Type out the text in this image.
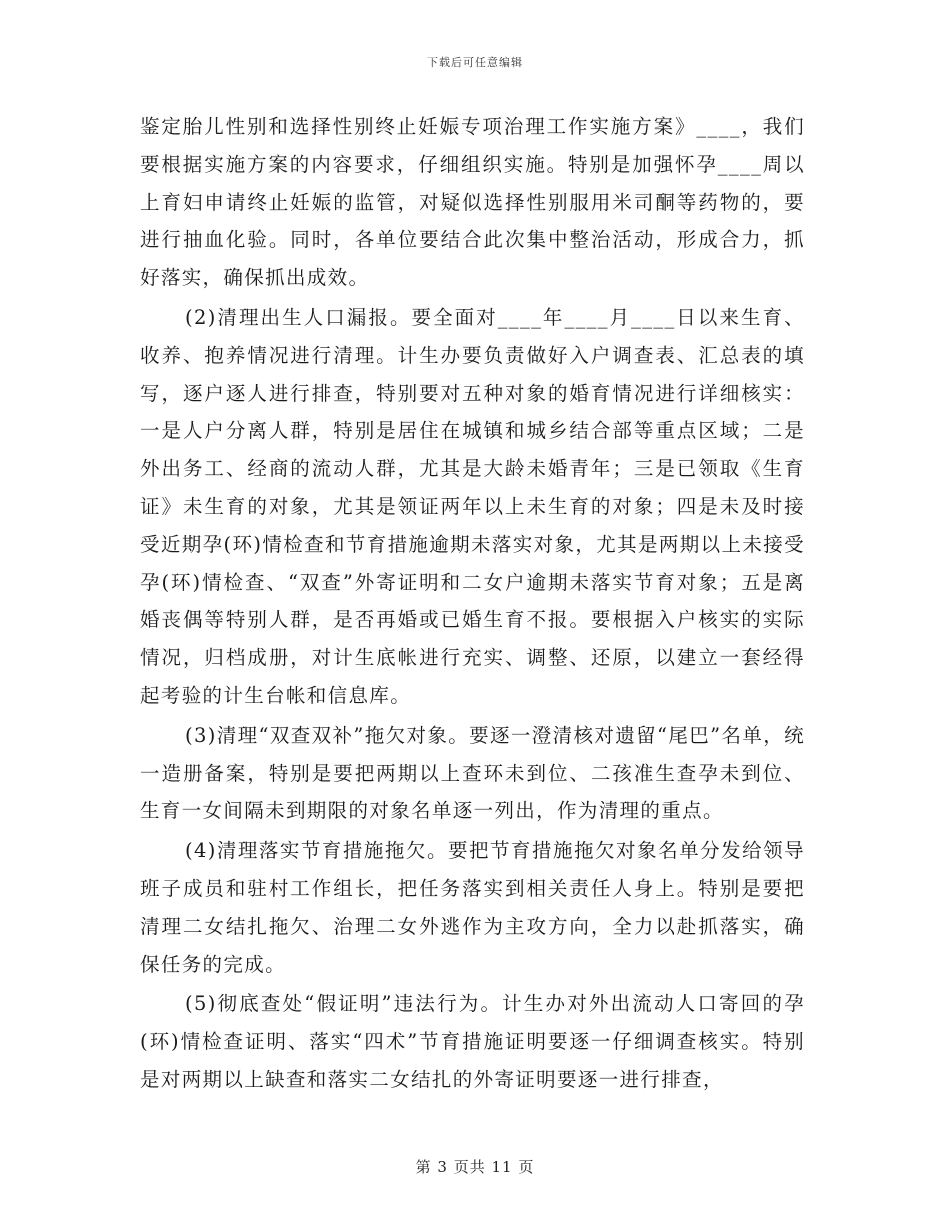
下载后可任意编辑

鉴定胎儿性别和选择性别终止妊娠专项治理工作实施方案》____，我们要根据实施方案的内容要求，仔细组织实施。特别是加强怀孕____周以上育妇申请终止妊娠的监管，对疑似选择性别服用米司酮等药物的，要进行抽血化验。同时，各单位要结合此次集中整治活动，形成合力，抓好落实，确保抓出成效。

(2)清理出生人口漏报。要全面对____年____月____日以来生育、收养、抱养情况进行清理。计生办要负责做好入户调查表、汇总表的填写，逐户逐人进行排查，特别要对五种对象的婚育情况进行详细核实：一是人户分离人群，特别是居住在城镇和城乡结合部等重点区域；二是外出务工、经商的流动人群，尤其是大龄未婚青年；三是已领取《生育证》未生育的对象，尤其是领证两年以上未生育的对象；四是未及时接受近期孕(环)情检查和节育措施逾期未落实对象，尤其是两期以上未接受孕(环)情检查、“双查”外寄证明和二女户逾期未落实节育对象；五是离婚丧偶等特别人群，是否再婚或已婚生育不报。要根据入户核实的实际情况，归档成册，对计生底帐进行充实、调整、还原，以建立一套经得起考验的计生台帐和信息库。

(3)清理“双查双补”拖欠对象。要逐一澄清核对遗留“尾巴”名单，统一造册备案，特别是要把两期以上查环未到位、二孩准生查孕未到位、生育一女间隔未到期限的对象名单逐一列出，作为清理的重点。

(4)清理落实节育措施拖欠。要把节育措施拖欠对象名单分发给领导班子成员和驻村工作组长，把任务落实到相关责任人身上。特别是要把清理二女结扎拖欠、治理二女外逃作为主攻方向，全力以赴抓落实，确保任务的完成。

(5)彻底查处“假证明”违法行为。计生办对外出流动人口寄回的孕(环)情检查证明、落实“四术”节育措施证明要逐一仔细调查核实。特别是对两期以上缺查和落实二女结扎的外寄证明要逐一进行排查，

第 3 页共 11 页
